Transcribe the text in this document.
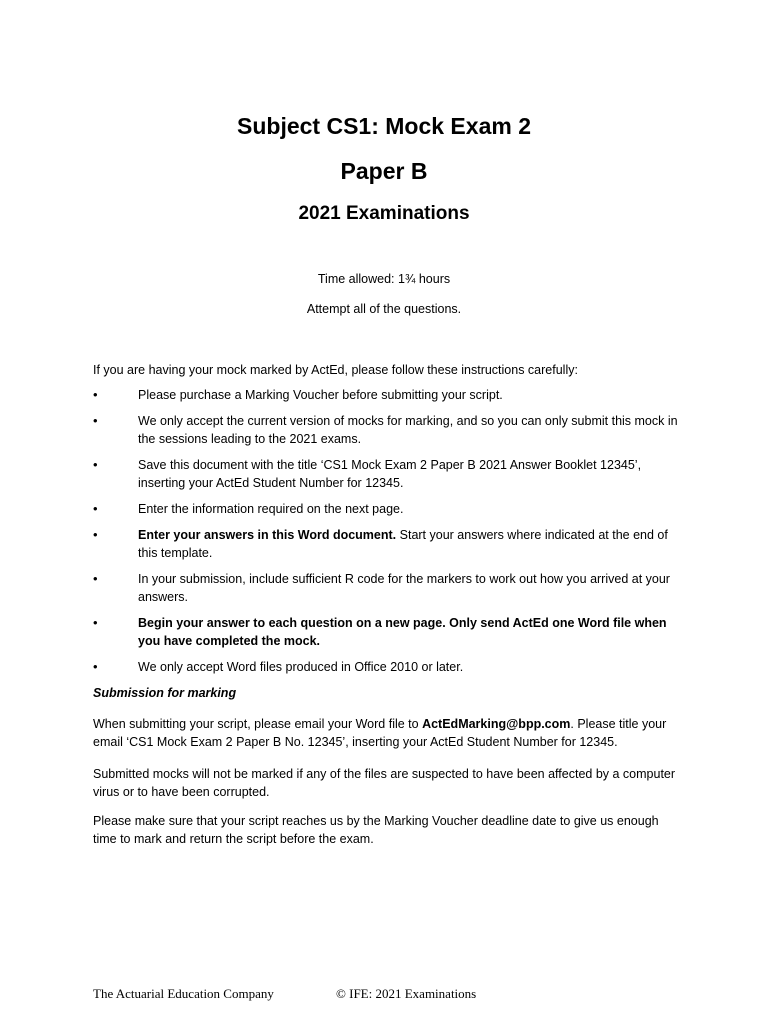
Subject CS1: Mock Exam 2
Paper B
2021 Examinations
Time allowed: 1¾ hours
Attempt all of the questions.
If you are having your mock marked by ActEd, please follow these instructions carefully:
•	Please purchase a Marking Voucher before submitting your script.
•	We only accept the current version of mocks for marking, and so you can only submit this mock in the sessions leading to the 2021 exams.
•	Save this document with the title ‘CS1 Mock Exam 2 Paper B 2021 Answer Booklet 12345’, inserting your ActEd Student Number for 12345.
•	Enter the information required on the next page.
•	Enter your answers in this Word document. Start your answers where indicated at the end of this template.
•	In your submission, include sufficient R code for the markers to work out how you arrived at your answers.
•	Begin your answer to each question on a new page. Only send ActEd one Word file when you have completed the mock.
•	We only accept Word files produced in Office 2010 or later.
Submission for marking
When submitting your script, please email your Word file to ActEdMarking@bpp.com. Please title your email ‘CS1 Mock Exam 2 Paper B No. 12345’, inserting your ActEd Student Number for 12345.
Submitted mocks will not be marked if any of the files are suspected to have been affected by a computer virus or to have been corrupted.
Please make sure that your script reaches us by the Marking Voucher deadline date to give us enough time to mark and return the script before the exam.
The Actuarial Education Company	© IFE: 2021 Examinations
